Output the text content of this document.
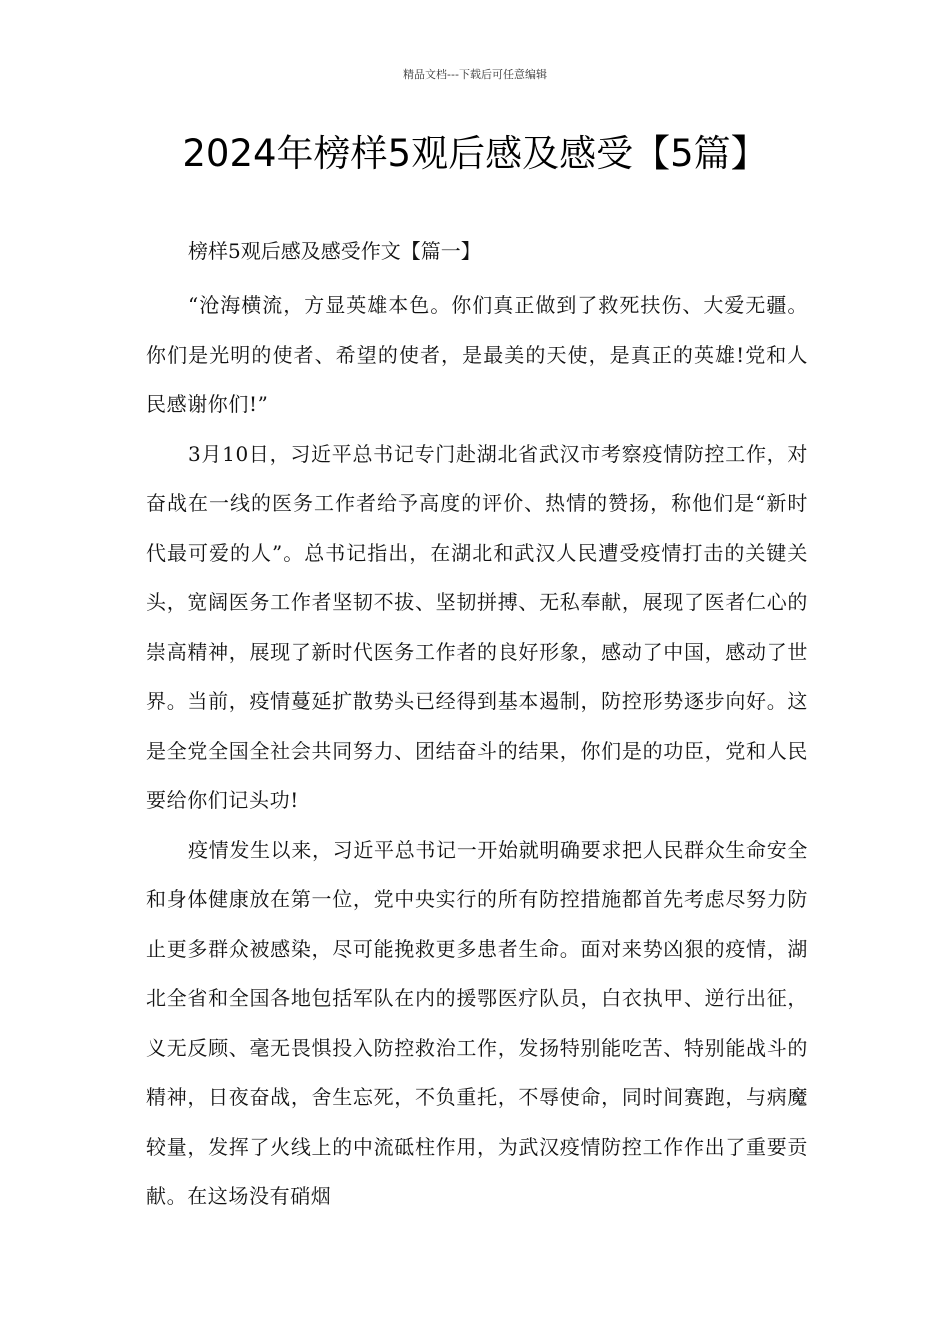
精品文档---下载后可任意编辑
2024年榜样5观后感及感受【5篇】

榜样5观后感及感受作文【篇一】

“沧海横流，方显英雄本色。你们真正做到了救死扶伤、大爱无疆。你们是光明的使者、希望的使者，是最美的天使，是真正的英雄!党和人民感谢你们!”

3月10日，习近平总书记专门赴湖北省武汉市考察疫情防控工作，对奋战在一线的医务工作者给予高度的评价、热情的赞扬，称他们是“新时代最可爱的人”。总书记指出，在湖北和武汉人民遭受疫情打击的关键关头，宽阔医务工作者坚韧不拔、坚韧拼搏、无私奉献，展现了医者仁心的崇高精神，展现了新时代医务工作者的良好形象，感动了中国，感动了世界。当前，疫情蔓延扩散势头已经得到基本遏制，防控形势逐步向好。这是全党全国全社会共同努力、团结奋斗的结果，你们是的功臣，党和人民要给你们记头功!

疫情发生以来，习近平总书记一开始就明确要求把人民群众生命安全和身体健康放在第一位，党中央实行的所有防控措施都首先考虑尽努力防止更多群众被感染，尽可能挽救更多患者生命。面对来势凶狠的疫情，湖北全省和全国各地包括军队在内的援鄂医疗队员，白衣执甲、逆行出征，义无反顾、毫无畏惧投入防控救治工作，发扬特别能吃苦、特别能战斗的精神，日夜奋战，舍生忘死，不负重托，不辱使命，同时间赛跑，与病魔较量，发挥了火线上的中流砥柱作用，为武汉疫情防控工作作出了重要贡献。在这场没有硝烟
